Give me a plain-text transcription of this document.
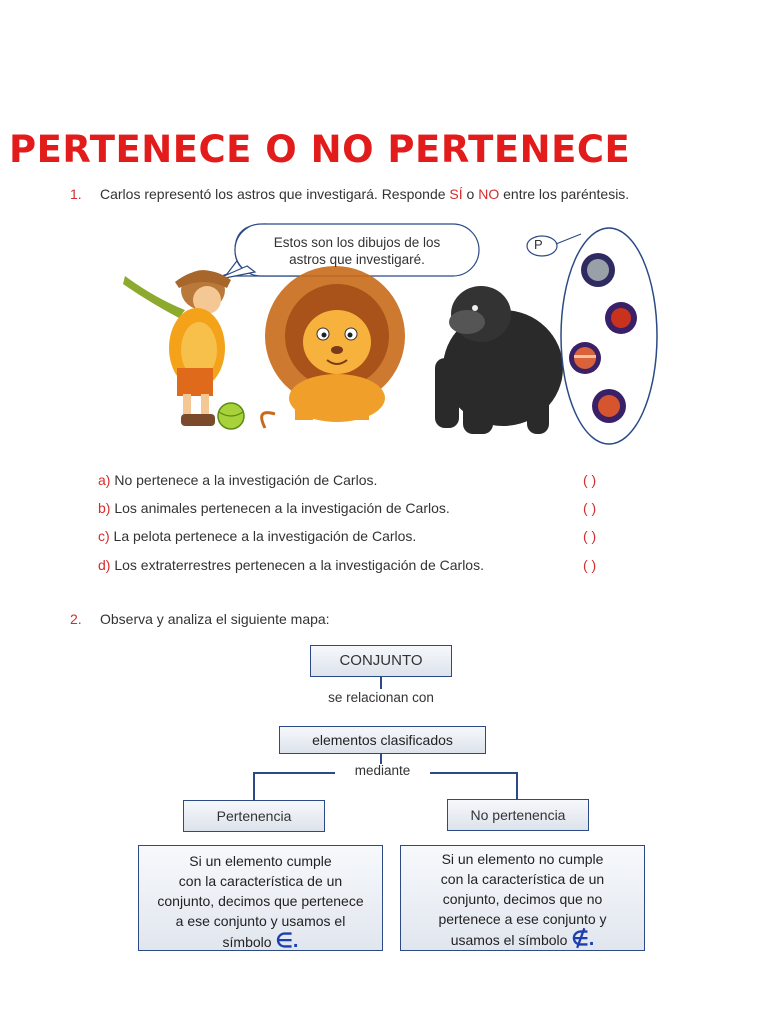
PERTENECE O NO PERTENECE
1. Carlos representó los astros que investigará. Responde SÍ o NO entre los paréntesis.
Estos son los dibujos de los
astros que investigaré.
P
a) No pertenece a la investigación de Carlos.	( )
b) Los animales pertenecen a la investigación de Carlos.	( )
c) La pelota pertenece a la investigación de Carlos.	( )
d) Los extraterrestres pertenecen a la investigación de Carlos.	( )
2. Observa y analiza el siguiente mapa:
CONJUNTO
se relacionan con
elementos clasificados
mediante
Pertenencia	No pertenencia
Si un elemento cumple
con la característica de un
conjunto, decimos que pertenece
a ese conjunto y usamos el
símbolo ∈.
Si un elemento no cumple
con la característica de un
conjunto, decimos que no
pertenece a ese conjunto y
usamos el símbolo ∉.
